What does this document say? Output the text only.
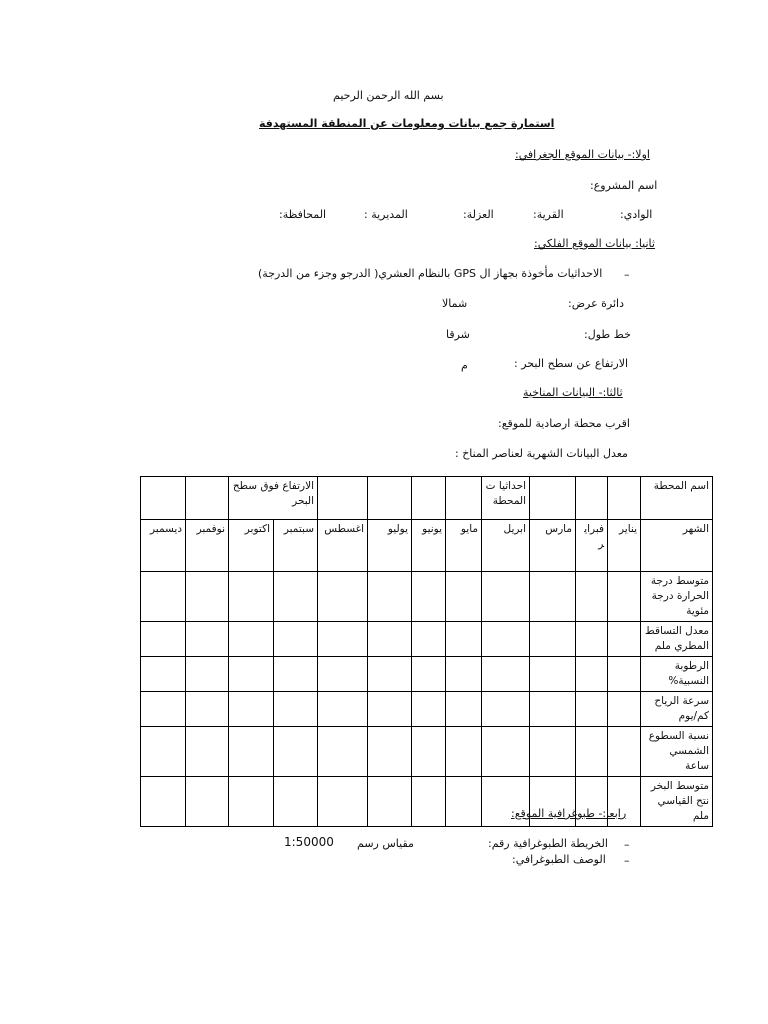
بسم الله الرحمن الرحيم
استمارة جمع بيانات ومعلومات عن المنطقة المستهدفة
اولا:- بيانات الموقع الجغرافي:
اسم المشروع:
الوادي:
القرية:
العزلة:
المديرية :
المحافظة:
ثانيا: بيانات الموقع الفلكي:
–
الاحداثيات مأخوذة بجهاز ال GPS بالنظام العشري( الدرجو وجزء من الدرجة)
دائرة عرض:
شمالا
خط طول:
شرقا
الارتفاع عن سطح البحر :
م
ثالثا:- البيانات المناخية
اقرب محطة ارصادية للموقع:
معدل البيانات الشهرية لعناصر المناخ :
		الارتفاع فوق سطح البحر						احداثيا ت المحطة				اسم المحطة
ديسمبر	نوفمبر	اكتوبر	سبتمبر	اغسطس	يوليو	يونيو	مايو	ابريل	مارس	فبراير	يناير	الشهر
												متوسط درجة الحرارة درجة مئوية
												معدل التساقط المطري ملم
												الرطوبة النسبية%
												سرعة الرياح كم/يوم
												نسبة السطوع الشمسي ساعة
												متوسط البخر نتح القياسي ملم
رابعا:- طبوغرافية الموقع:
–
الخريطة الطبوغرافية رقم:
مقياس رسم
1:50000
–
الوصف الطبوغرافي:
